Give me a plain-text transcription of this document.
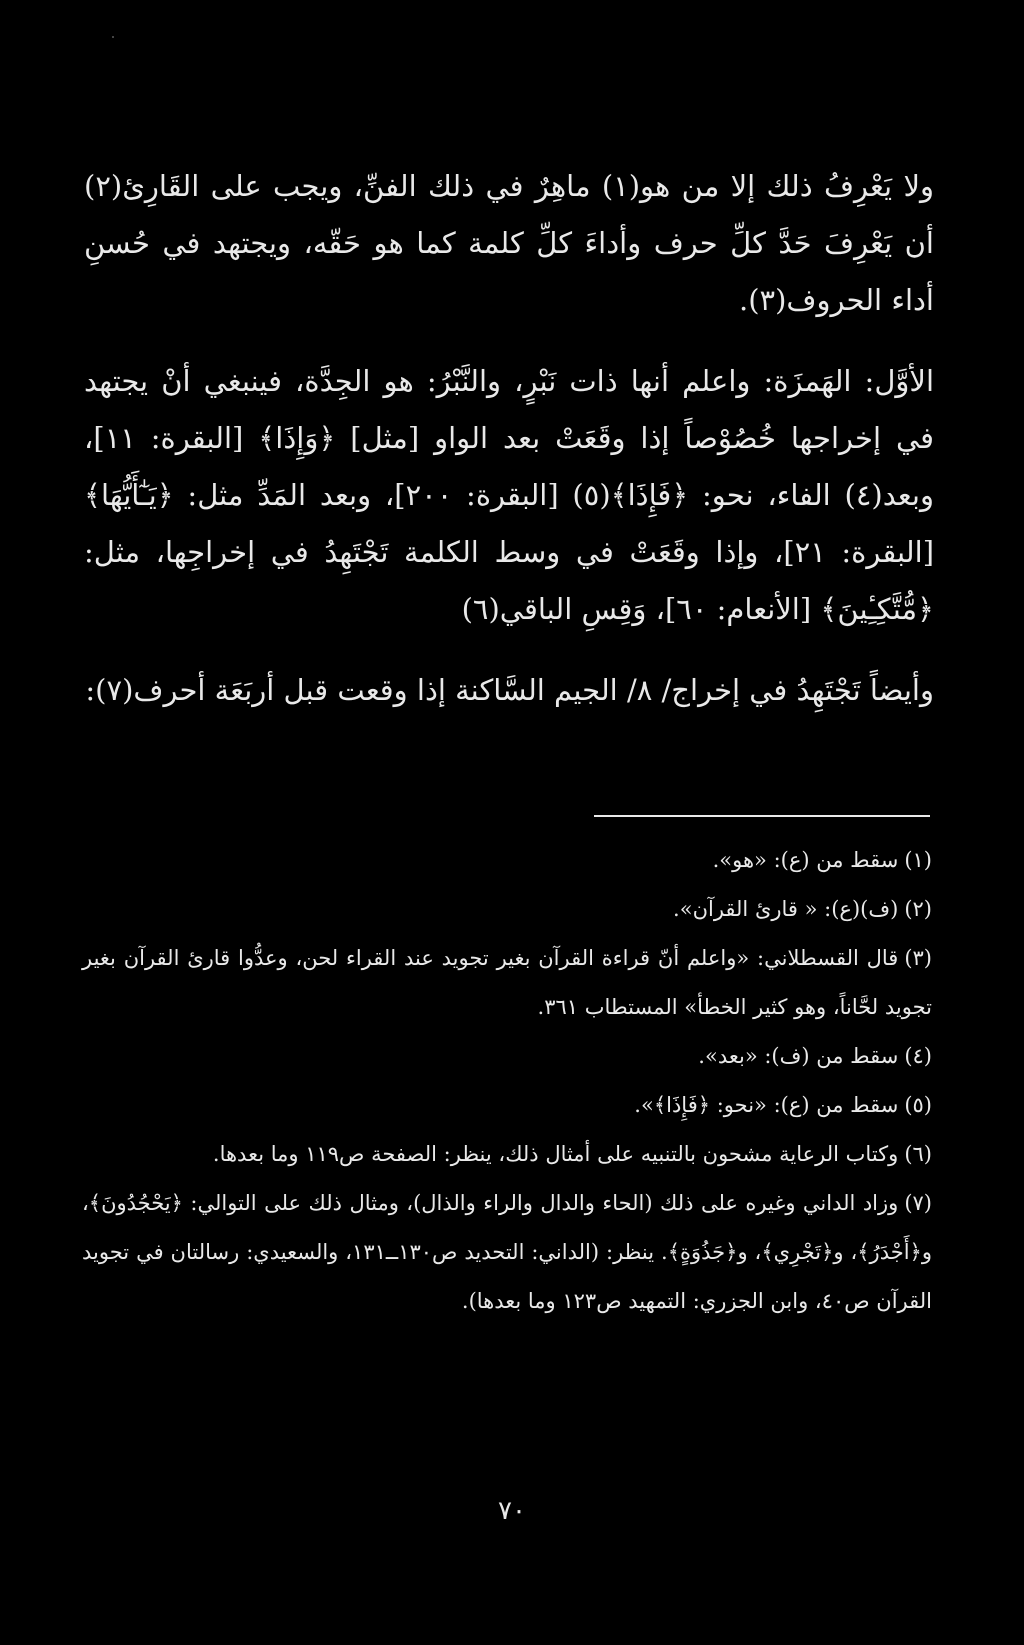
ولا يَعْرِفُ ذلك إلا من هو(١) ماهِرٌ في ذلك الفنِّ، ويجب على القَارِئ(٢) أن يَعْرِفَ حَدَّ كلِّ حرف وأداءَ كلِّ كلمة كما هو حَقّه، ويجتهد في حُسنِ أداء الحروف(٣).

الأوَّل: الهَمزَة: واعلم أنها ذات نَبْرٍ، والنَّبْرُ: هو الجِدَّة، فينبغي أنْ يجتهد في إخراجها خُصُوْصاً إذا وقَعَتْ بعد الواو [مثل] ﴿وَإِذَا﴾ [البقرة: ١١]، وبعد(٤) الفاء، نحو: ﴿فَإِذَا﴾(٥) [البقرة: ٢٠٠]، وبعد المَدِّ مثل: ﴿يَـٰٓأَيُّهَا﴾ [البقرة: ٢١]، وإذا وقَعَتْ في وسط الكلمة تَجْتَهِدُ في إخراجِها، مثل: ﴿مُّتَّكِـِٔينَ﴾ [الأنعام: ٦٠]، وَقِسِ الباقي(٦)

وأيضاً تَجْتَهِدُ في إخراج/ ٨/ الجيم السَّاكنة إذا وقعت قبل أربَعَة أحرف(٧):

(١)سقط من (ع): «هو».

(٢)(ف)(ع): « قارئ القرآن».

(٣)قال القسطلاني: «واعلم أنّ قراءة القرآن بغير تجويد عند القراء لحن، وعدُّوا قارئ القرآن بغير تجويد لحَّاناً، وهو كثير الخطأ» المستطاب ٣٦١.

(٤)سقط من (ف): «بعد».

(٥)سقط من (ع): «نحو: ﴿فَإِذَا﴾».

(٦)وكتاب الرعاية مشحون بالتنبيه على أمثال ذلك، ينظر: الصفحة ص١١٩ وما بعدها.

(٧)وزاد الداني وغيره على ذلك (الحاء والدال والراء والذال)، ومثال ذلك على التوالي: ﴿يَحْجُدُونَ﴾، و﴿أَجْدَرُ﴾، و﴿تَجْرِي﴾، و﴿جَذُوَةٍ﴾. ينظر: (الداني: التحديد ص١٣٠ــ١٣١، والسعيدي: رسالتان في تجويد القرآن ص٤٠، وابن الجزري: التمهيد ص١٢٣ وما بعدها).

٧٠
